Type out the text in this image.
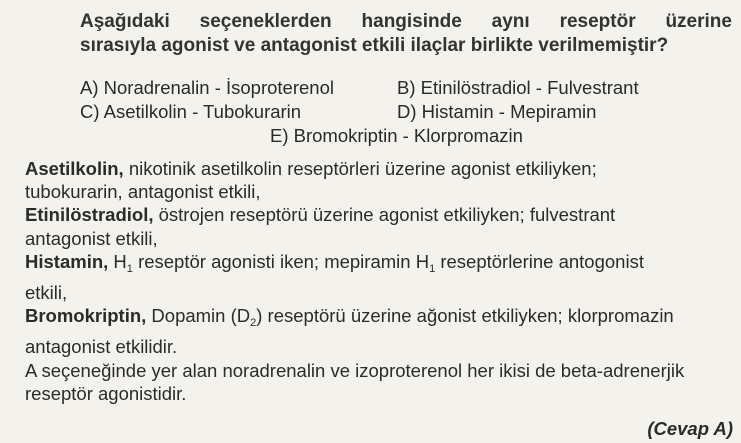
Aşağıdaki seçeneklerden hangisinde aynı reseptör üzerine
sırasıyla agonist ve antagonist etkili ilaçlar birlikte verilmemiştir?
A) Noradrenalin - İsoproterenol	B) Etinilöstradiol - Fulvestrant
C) Asetilkolin - Tubokurarin	D) Histamin - Mepiramin
E) Bromokriptin - Klorpromazin

Asetilkolin, nikotinik asetilkolin reseptörleri üzerine agonist etkiliyken;

tubokurarin, antagonist etkili,

Etinilöstradiol, östrojen reseptörü üzerine agonist etkiliyken; fulvestrant

antagonist etkili,

Histamin, $H_1$ reseptör agonisti iken; mepiramin $H_1$ reseptörlerine antogonist

etkili,

Bromokriptin, Dopamin $(D_2)$ reseptörü üzerine ağonist etkiliyken; klorpromazin

antagonist etkilidir.

A seçeneğinde yer alan noradrenalin ve izoproterenol her ikisi de beta-adrenerjik

reseptör agonistidir.

(Cevap A)
